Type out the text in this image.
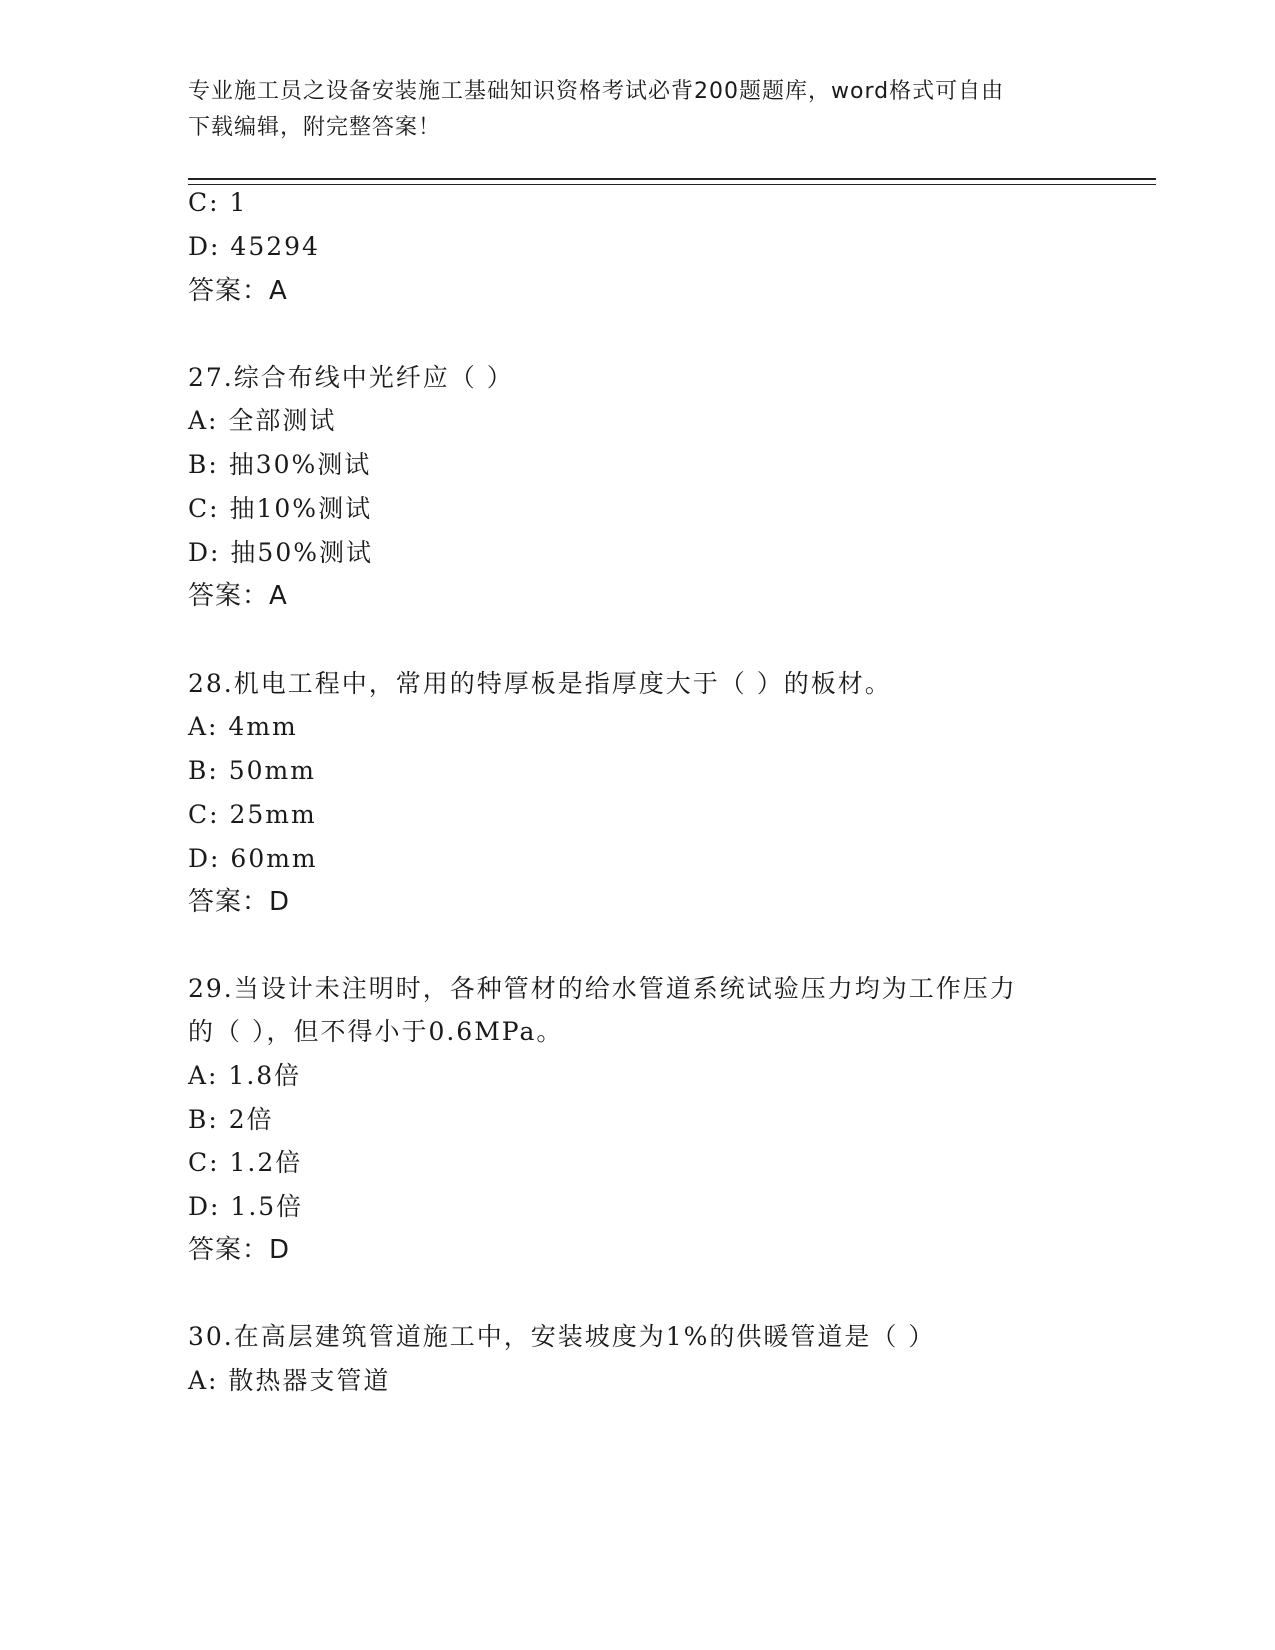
专业施工员之设备安装施工基础知识资格考试必背200题题库，word格式可自由
下载编辑，附完整答案！
C: 1
D: 45294
答案：A
27.综合布线中光纤应（ ）
A: 全部测试
B: 抽30%测试
C: 抽10%测试
D: 抽50%测试
答案：A
28.机电工程中，常用的特厚板是指厚度大于（ ）的板材。
A: 4mm
B: 50mm
C: 25mm
D: 60mm
答案：D
29.当设计未注明时，各种管材的给水管道系统试验压力均为工作压力
的（ ），但不得小于0.6MPa。
A: 1.8倍
B: 2倍
C: 1.2倍
D: 1.5倍
答案：D
30.在高层建筑管道施工中，安装坡度为1%的供暖管道是（ ）
A: 散热器支管道
